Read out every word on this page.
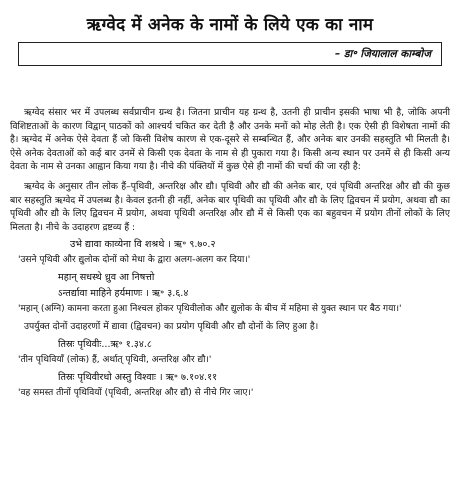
ऋग्वेद में अनेक के नामों के लिये एक का नाम
– डा॰ जियालाल काम्बोज

ऋग्वेद संसार भर में उपलब्ध सर्वप्राचीन ग्रन्थ है। जितना प्राचीन यह ग्रन्थ है, उतनी ही प्राचीन इसकी भाषा भी है, जोकि अपनी विशिष्टताओं के कारण विद्वान् पाठकों को आश्चर्य चकित कर देती है और उनके मनों को मोह लेती है। एक ऐसी ही विशेषता नामों की है। ऋग्वेद में अनेक ऐसे देवता हैं जो किसी विशेष कारण से एक-दूसरे से सम्बन्धित हैं, और अनेक बार उनकी सहस्तुति भी मिलती है। ऐसे अनेक देवताओं को कई बार उनमें से किसी एक देवता के नाम से ही पुकारा गया है। किसी अन्य स्थान पर उनमें से ही किसी अन्य देवता के नाम से उनका आह्वान किया गया है। नीचे की पंक्तियों में कुछ ऐसे ही नामों की चर्चा की जा रही है:

ऋग्वेद के अनुसार तीन लोक हैं–पृथिवी, अन्तरिक्ष और द्यौ। पृथिवी और द्यौ की अनेक बार, एवं पृथिवी अन्तरिक्ष और द्यौ की कुछ बार सहस्तुति ऋग्वेद में उपलब्ध है। केवल इतनी ही नहीं, अनेक बार पृथिवी का पृथिवी और द्यौ के लिए द्विवचन में प्रयोग, अथवा द्यौ का पृथिवी और द्यौ के लिए द्विवचन में प्रयोग, अथवा पृथिवी अन्तरिक्ष और द्यौ में से किसी एक का बहुवचन में प्रयोग तीनों लोकों के लिए मिलता है। नीचे के उदाहरण द्रष्टव्य हैं :

उभे द्यावा काव्येना वि शश्रथे । ऋ॰ ९.७०.२
'उसने पृथिवी और द्युलोक दोनों को मेधा के द्वारा अलग-अलग कर दिया।'
महान् सधस्थे ध्रुव आ निषत्तो
ऽन्तर्द्यावा माहिने हर्यमाणः । ऋ॰ ३.६.४
'महान् (अग्नि) कामना करता हुआ निश्चल होकर पृथिवीलोक और द्युलोक के बीच में महिमा से युक्त स्थान पर बैठ गया।'

उपर्युक्त दोनों उदाहरणों में द्यावा (द्विवचन) का प्रयोग पृथिवी और द्यौ दोनों के लिए हुआ है।

तिस्रः पृथिवीः...ऋ॰ १.३४.८
'तीन पृथिवियाँ (लोक) हैं, अर्थात् पृथिवी, अन्तरिक्ष और द्यौ।'
तिस्रः पृथिवीरधो अस्तु विश्वाः । ऋ॰ ७.१०४.११
'वह समस्त तीनों पृथिवियों (पृथिवी, अन्तरिक्ष और द्यौ) से नीचे गिर जाए।'
